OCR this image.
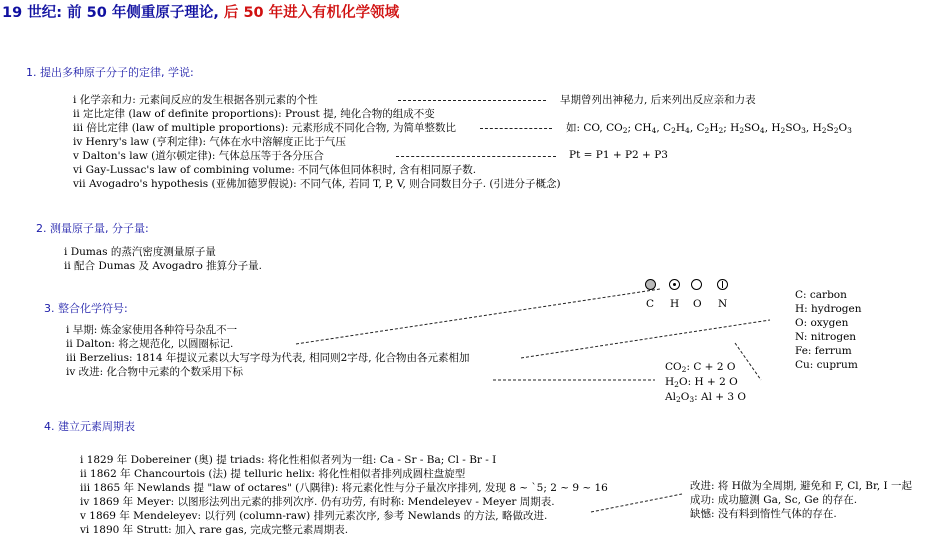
19 世纪: 前 50 年侧重原子理论, 后 50 年进入有机化学领域
1. 提出多种原子分子的定律, 学说:
i 化学亲和力: 元素间反应的发生根据各别元素的个性
ii 定比定律 (law of definite proportions): Proust 提, 纯化合物的组成不变
iii 倍比定律 (law of multiple proportions): 元素形成不同化合物, 为简单整数比
iv Henry's law (亨利定律): 气体在水中溶解度正比于气压
v Dalton's law (道尔顿定律): 气体总压等于各分压合
vi Gay-Lussac's law of combining volume: 不同气体但同体积时, 含有相同原子数.
vii Avogadro's hypothesis (亚佛加德罗假说): 不同气体, 若同 T, P, V, 则合同数目分子. (引进分子概念)
早期曾列出神秘力, 后来列出反应亲和力表
如: CO, $CO_2$; $CH_4$, $C_2H_4$, $C_2H_2$; $H_2SO_4$, $H_2SO_3$, $H_2S_2O_3$
Pt = P1 + P2 + P3
2. 测量原子量, 分子量:
i Dumas 的蒸汽密度测量原子量
ii 配合 Dumas 及 Avogadro 推算分子量.
C H O N
C: carbon
H: hydrogen
O: oxygen
N: nitrogen
Fe: ferrum
Cu: cuprum
3. 整合化学符号:
i 早期: 炼金家使用各种符号杂乱不一
ii Dalton: 将之规范化, 以圆圈标记.
iii Berzelius: 1814 年提议元素以大写字母为代表, 相同则2字母, 化合物由各元素相加
iv 改进: 化合物中元素的个数采用下标	$CO_2$: C + 2 O
$H_2O$: H + 2 O
$Al_2O_3$: Al + 3 O
4. 建立元素周期表
i 1829 年 Dobereiner (奥) 提 triads: 将化性相似者列为一组: Ca - Sr - Ba; Cl - Br - I
ii 1862 年 Chancourtois (法) 提 telluric helix: 将化性相似者排列成圆柱盘旋型
iii 1865 年 Newlands 提 "law of octares" (八隅律): 将元素化性与分子量次序排列, 发现 8 ~ `5; 2 ~ 9 ~ 16
iv 1869 年 Meyer: 以图形法列出元素的排列次序. 仍有功劳, 有时称: Mendeleyev - Meyer 周期表.
v 1869 年 Mendeleyev: 以行列 (column-raw) 排列元素次序, 参考 Newlands 的方法, 略做改进.
vi 1890 年 Strutt: 加入 rare gas, 完成完整元素周期表.
改进: 将 H做为全周期, 避免和 F, Cl, Br, I 一起
成功: 成功臆测 Ga, Sc, Ge 的存在.
缺憾: 没有料到惰性气体的存在.
